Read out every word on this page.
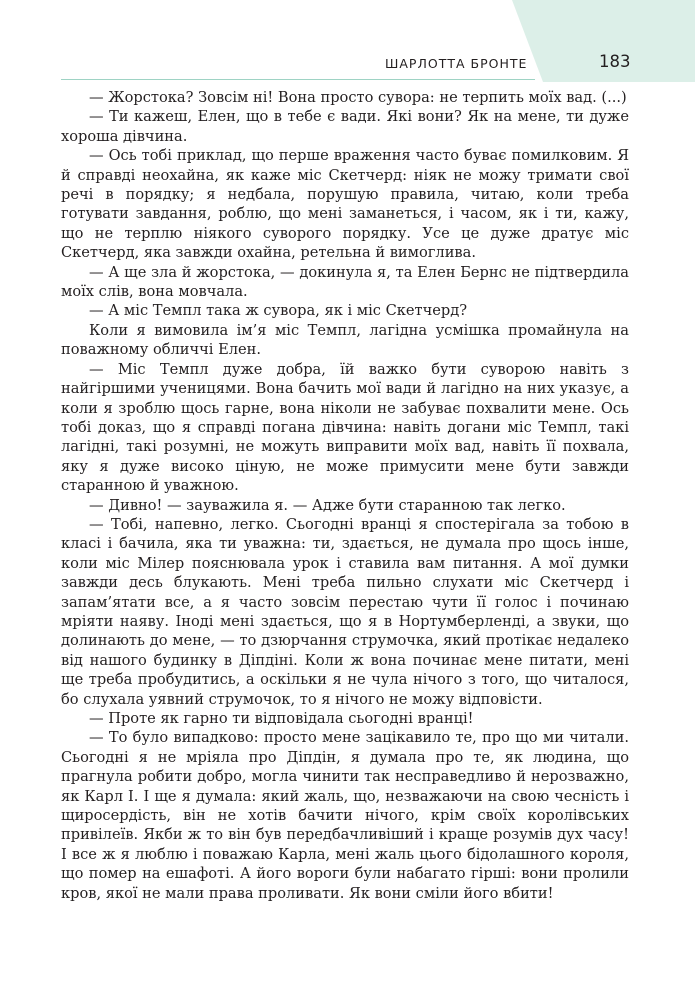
ШАРЛОТТА БРОНТЕ	183

— Жорстока? Зовсім ні! Вона просто сувора: не терпить моїх вад. (...)

— Ти кажеш, Елен, що в тебе є вади. Які вони? Як на мене, ти дуже хороша дівчина.

— Ось тобі приклад, що перше враження часто буває помилковим. Я й справді неохайна, як каже міс Скетчерд: ніяк не можу тримати свої речі в порядку; я недбала, порушую правила, читаю, коли треба готувати завдання, роблю, що мені заманеться, і часом, як і ти, кажу, що не терплю ніякого суворого порядку. Усе це дуже дратує міс Скетчерд, яка завжди охайна, ретельна й вимоглива.

— А ще зла й жорстока, — докинула я, та Елен Бернс не підтвердила моїх слів, вона мовчала.

— А міс Темпл така ж сувора, як і міс Скетчерд?

Коли я вимовила ім’я міс Темпл, лагідна усмішка промайнула на поважному обличчі Елен.

— Міс Темпл дуже добра, їй важко бути суворою навіть з найгіршими ученицями. Вона бачить мої вади й лагідно на них указує, а коли я зроблю щось гарне, вона ніколи не забуває похвалити мене. Ось тобі доказ, що я справді погана дівчина: навіть догани міс Темпл, такі лагідні, такі розумні, не можуть виправити моїх вад, навіть її похвала, яку я дуже високо ціную, не може примусити мене бути завжди старанною й уважною.

— Дивно! — зауважила я. — Адже бути старанною так легко.

— Тобі, напевно, легко. Сьогодні вранці я спостерігала за тобою в класі і бачила, яка ти уважна: ти, здається, не думала про щось інше, коли міс Мілер пояснювала урок і ставила вам питання. А мої думки завжди десь блукають. Мені треба пильно слухати міс Скетчерд і запам’ятати все, а я часто зовсім перестаю чути її голос і починаю мріяти наяву. Іноді мені здається, що я в Нортумберленді, а звуки, що долинають до мене, — то дзюрчання струмочка, який протікає недалеко від нашого будинку в Діпдіні. Коли ж вона починає мене питати, мені ще треба пробудитись, а оскільки я не чула нічого з того, що читалося, бо слухала уявний струмочок, то я нічого не можу відповісти.

— Проте як гарно ти відповідала сьогодні вранці!

— То було випадково: просто мене зацікавило те, про що ми читали. Сьогодні я не мріяла про Діпдін, я думала про те, як людина, що прагнула робити добро, могла чинити так несправедливо й нерозважно, як Карл I. І ще я думала: який жаль, що, незважаючи на свою чесність і щиросердість, він не хотів бачити нічого, крім своїх королівських привілеїв. Якби ж то він був передбачливіший і краще розумів дух часу! І все ж я люблю і поважаю Карла, мені жаль цього бідолашного короля, що помер на ешафоті. А його вороги були набагато гірші: вони пролили кров, якої не мали права проливати. Як вони сміли його вбити!
